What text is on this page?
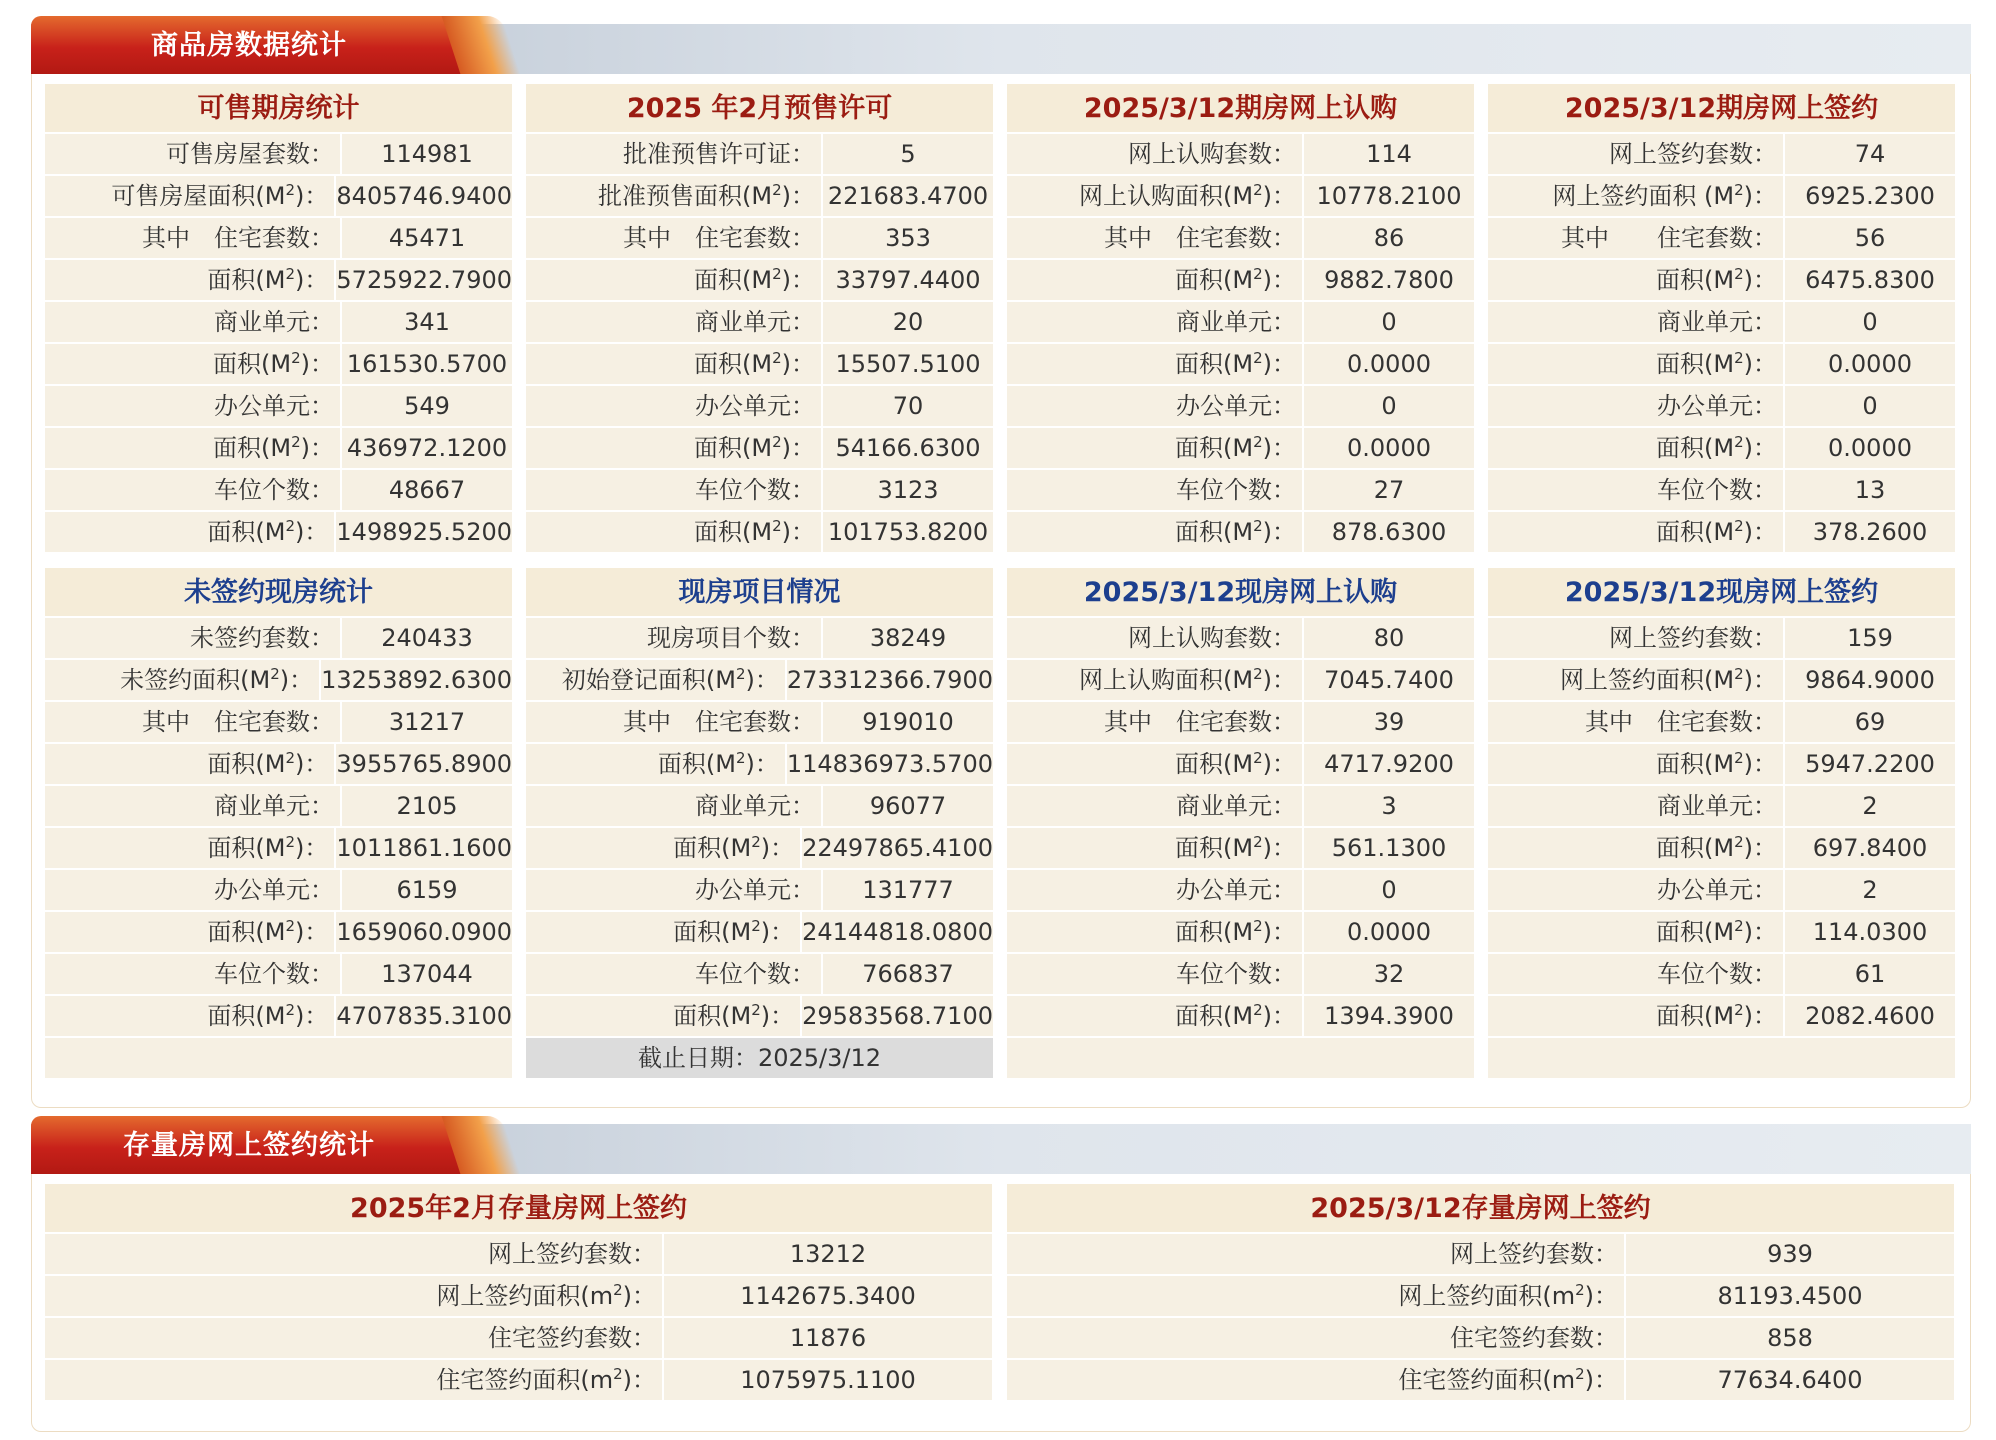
商品房数据统计
可售期房统计
可售房屋套数：	114981
可售房屋面积$(M^2)$： 8405746.9400
其中　住宅套数：	45471
面积$(M^2)$： 5725922.7900
商业单元：	341
面积$(M^2)$： 161530.5700
办公单元：	549
面积$(M^2)$： 436972.1200
车位个数：	48667
面积$(M^2)$： 1498925.5200
2025 年2月预售许可
批准预售许可证：	5
批准预售面积$(M^2)$： 221683.4700
其中　住宅套数：	353
面积$(M^2)$： 33797.4400
商业单元：	20
面积$(M^2)$： 15507.5100
办公单元：	70
面积$(M^2)$： 54166.6300
车位个数：	3123
面积$(M^2)$： 101753.8200
2025/3/12期房网上认购
网上认购套数：	114
网上认购面积$(M^2)$： 10778.2100
其中　住宅套数：	86
面积$(M^2)$：	9882.7800
商业单元：	0
面积$(M^2)$：	0.0000
办公单元：	0
面积$(M^2)$：	0.0000
车位个数：	27
面积$(M^2)$：	878.6300
2025/3/12期房网上签约
网上签约套数：	74
网上签约面积 $(M^2)$：	6925.2300
其中　　住宅套数：	56
面积$(M^2)$：	6475.8300
商业单元：	0
面积$(M^2)$：	0.0000
办公单元：	0
面积$(M^2)$：	0.0000
车位个数：	13
面积$(M^2)$：	378.2600
未签约现房统计
未签约套数：	240433
未签约面积$(M^2)$： 13253892.6300
其中　住宅套数：	31217
面积$(M^2)$： 3955765.8900
商业单元：	2105
面积$(M^2)$： 1011861.1600
办公单元：	6159
面积$(M^2)$： 1659060.0900
车位个数：	137044
面积$(M^2)$： 4707835.3100
现房项目情况
现房项目个数：	38249
初始登记面积$(M^2)$： 273312366.7900
其中　住宅套数：	919010
面积$(M^2)$： 114836973.5700
商业单元：	96077
面积$(M^2)$： 22497865.4100
办公单元：	131777
面积$(M^2)$： 24144818.0800
车位个数：	766837
面积$(M^2)$： 29583568.7100
截止日期：2025/3/12
2025/3/12现房网上认购
网上认购套数：	80
网上认购面积$(M^2)$：	7045.7400
其中　住宅套数：	39
面积$(M^2)$：	4717.9200
商业单元：	3
面积$(M^2)$：	561.1300
办公单元：	0
面积$(M^2)$：	0.0000
车位个数：	32
面积$(M^2)$：	1394.3900
2025/3/12现房网上签约
网上签约套数：	159
网上签约面积$(M^2)$：	9864.9000
其中　住宅套数：	69
面积$(M^2)$：	5947.2200
商业单元：	2
面积$(M^2)$：	697.8400
办公单元：	2
面积$(M^2)$：	114.0300
车位个数：	61
面积$(M^2)$：	2082.4600
存量房网上签约统计
2025年2月存量房网上签约
网上签约套数：	13212
网上签约面积$(m^2)$：	1142675.3400
住宅签约套数：	11876
住宅签约面积$(m^2)$：	1075975.1100
2025/3/12存量房网上签约
网上签约套数：	939
网上签约面积$(m^2)$：	81193.4500
住宅签约套数：	858
住宅签约面积$(m^2)$：	77634.6400
